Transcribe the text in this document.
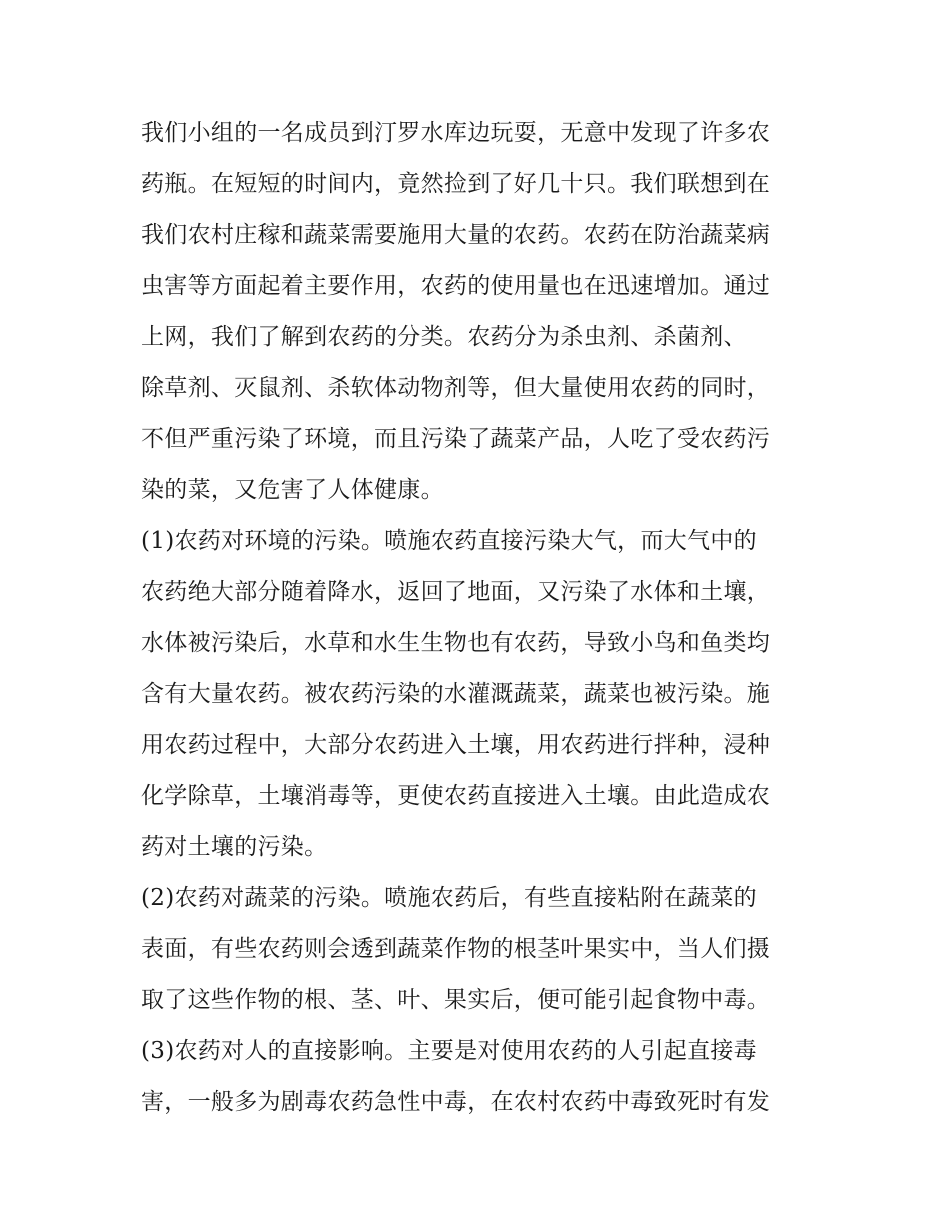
我们小组的一名成员到汀罗水库边玩耍，无意中发现了许多农
药瓶。在短短的时间内，竟然捡到了好几十只。我们联想到在
我们农村庄稼和蔬菜需要施用大量的农药。农药在防治蔬菜病
虫害等方面起着主要作用，农药的使用量也在迅速增加。通过
上网，我们了解到农药的分类。农药分为杀虫剂、杀菌剂、
除草剂、灭鼠剂、杀软体动物剂等，但大量使用农药的同时，
不但严重污染了环境，而且污染了蔬菜产品，人吃了受农药污
染的菜，又危害了人体健康。
(1)农药对环境的污染。喷施农药直接污染大气，而大气中的
农药绝大部分随着降水，返回了地面，又污染了水体和土壤，
水体被污染后，水草和水生生物也有农药，导致小鸟和鱼类均
含有大量农药。被农药污染的水灌溉蔬菜，蔬菜也被污染。施
用农药过程中，大部分农药进入土壤，用农药进行拌种，浸种
化学除草，土壤消毒等，更使农药直接进入土壤。由此造成农
药对土壤的污染。
(2)农药对蔬菜的污染。喷施农药后，有些直接粘附在蔬菜的
表面，有些农药则会透到蔬菜作物的根茎叶果实中，当人们摄
取了这些作物的根、茎、叶、果实后，便可能引起食物中毒。
(3)农药对人的直接影响。主要是对使用农药的人引起直接毒
害，一般多为剧毒农药急性中毒，在农村农药中毒致死时有发
